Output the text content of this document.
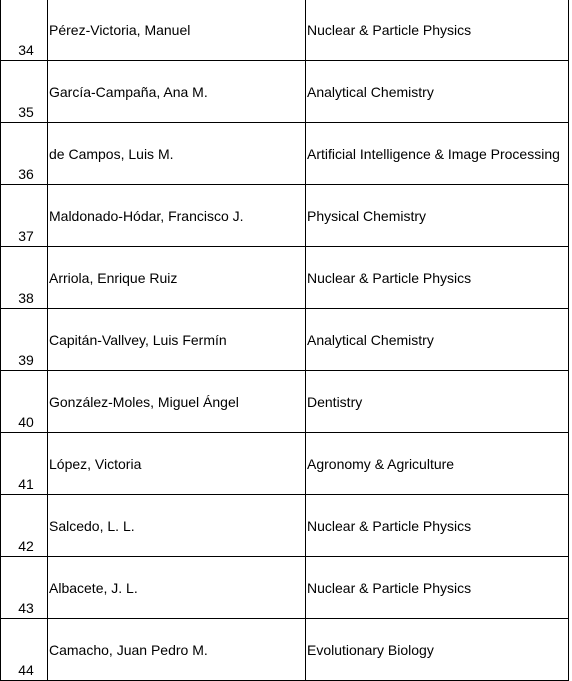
34	Pérez-Victoria, Manuel	Nuclear & Particle Physics
35	García-Campaña, Ana M.	Analytical Chemistry
36	de Campos, Luis M.	Artificial Intelligence & Image Processing
37	Maldonado-Hódar, Francisco J.	Physical Chemistry
38	Arriola, Enrique Ruiz	Nuclear & Particle Physics
39	Capitán-Vallvey, Luis Fermín	Analytical Chemistry
40	González-Moles, Miguel Ángel	Dentistry
41	López, Victoria	Agronomy & Agriculture
42	Salcedo, L. L.	Nuclear & Particle Physics
43	Albacete, J. L.	Nuclear & Particle Physics
44	Camacho, Juan Pedro M.	Evolutionary Biology
